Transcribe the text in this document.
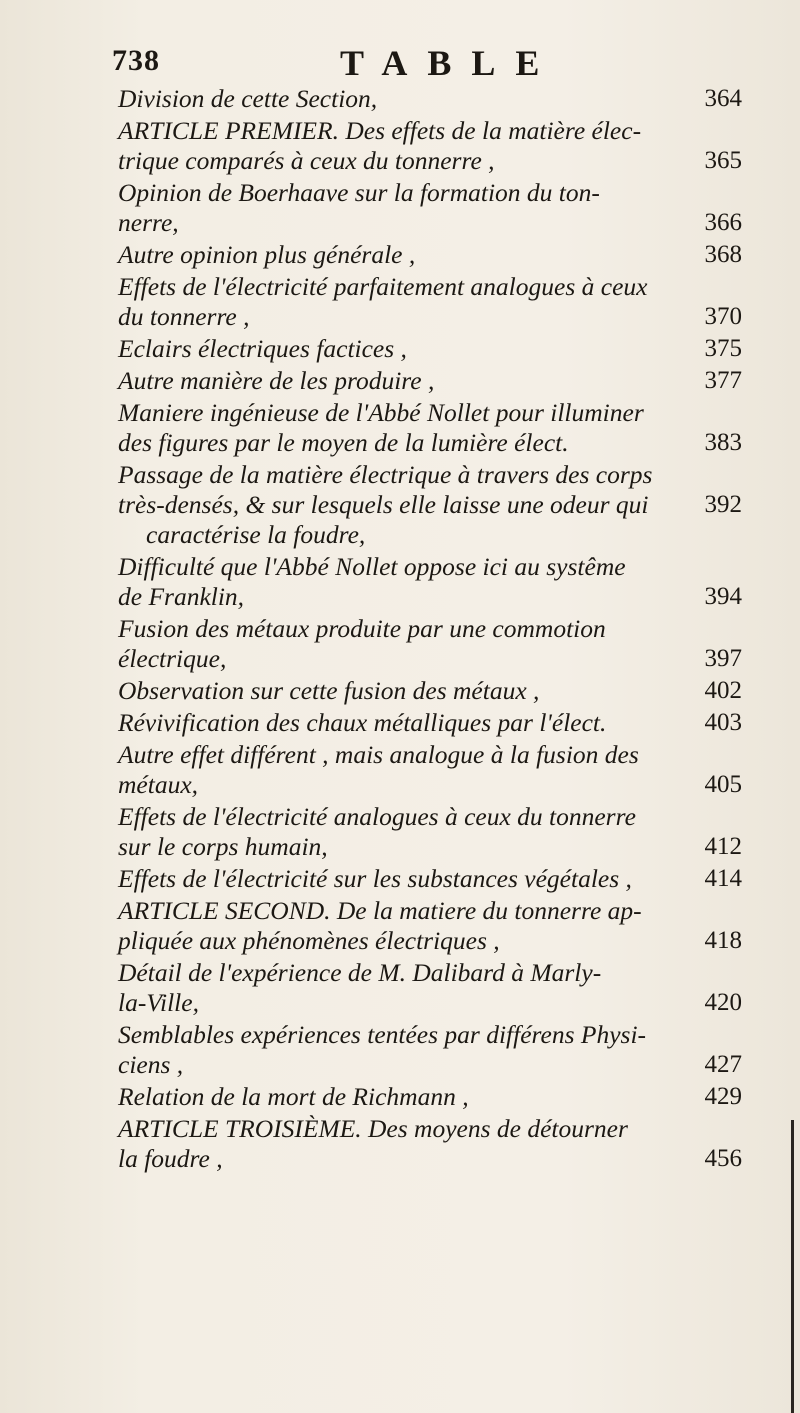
738	TABLE
Division de cette Section,	364
ARTICLE PREMIER. Des effets de la matière élec-
365
trique comparés à ceux du tonnerre ,
Opinion de Boerhaave sur la formation du ton-
366
nerre,
368
Autre opinion plus générale ,
Effets de l'électricité parfaitement analogues à ceux
370
du tonnerre ,
375
Eclairs électriques factices ,
377
Autre manière de les produire ,
Maniere ingénieuse de l'Abbé Nollet pour illuminer
383
des figures par le moyen de la lumière élect.
Passage de la matière électrique à travers des corps
392
très-densés, & sur lesquels elle laisse une odeur qui caractérise la foudre,
Difficulté que l'Abbé Nollet oppose ici au systême
394
de Franklin,
Fusion des métaux produite par une commotion
397
électrique,
402
Observation sur cette fusion des métaux ,
403
Révivification des chaux métalliques par l'élect.
Autre effet différent , mais analogue à la fusion des
405
métaux,
Effets de l'électricité analogues à ceux du tonnerre
412
sur le corps humain,
414
Effets de l'électricité sur les substances végétales ,
ARTICLE SECOND. De la matiere du tonnerre ap-
418
pliquée aux phénomènes électriques ,
Détail de l'expérience de M. Dalibard à Marly-
420
la-Ville,
Semblables expériences tentées par différens Physi-
427
ciens ,
429
Relation de la mort de Richmann ,
ARTICLE TROISIÈME. Des moyens de détourner
456
la foudre ,
